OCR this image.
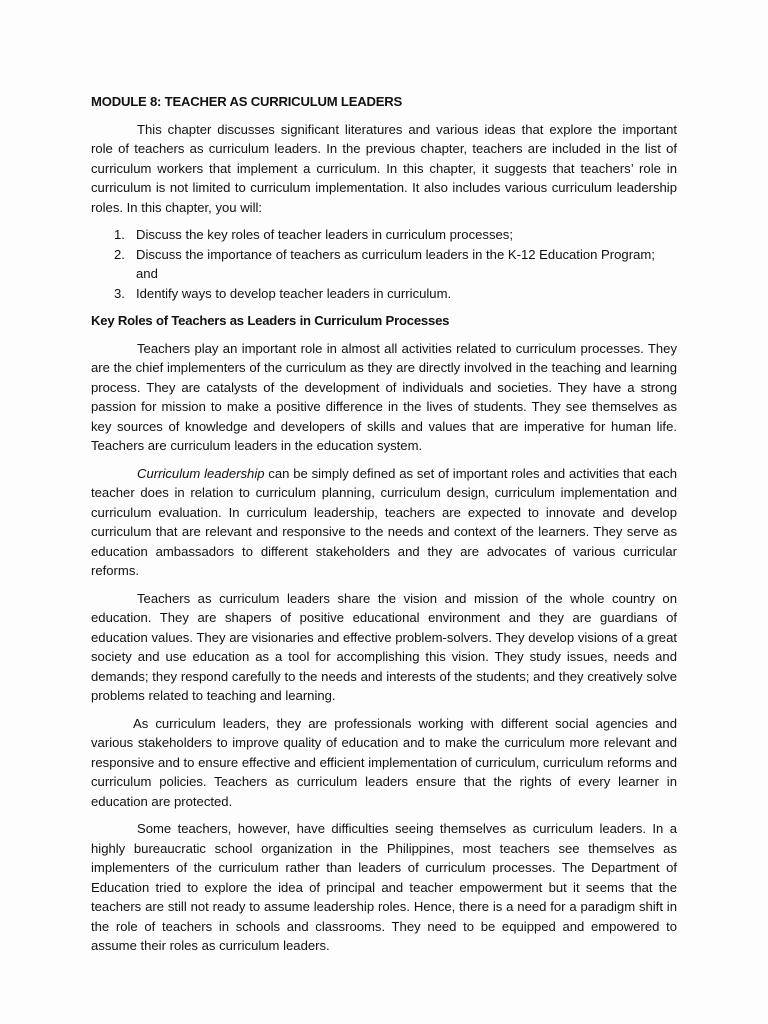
MODULE 8: TEACHER AS CURRICULUM LEADERS

This chapter discusses significant literatures and various ideas that explore the important role of teachers as curriculum leaders. In the previous chapter, teachers are included in the list of curriculum workers that implement a curriculum. In this chapter, it suggests that teachers’ role in curriculum is not limited to curriculum implementation. It also includes various curriculum leadership roles. In this chapter, you will:

1. Discuss the key roles of teacher leaders in curriculum processes;
2. Discuss the importance of teachers as curriculum leaders in the K-12 Education Program; and
3. Identify ways to develop teacher leaders in curriculum.
Key Roles of Teachers as Leaders in Curriculum Processes

Teachers play an important role in almost all activities related to curriculum processes. They are the chief implementers of the curriculum as they are directly involved in the teaching and learning process. They are catalysts of the development of individuals and societies. They have a strong passion for mission to make a positive difference in the lives of students. They see themselves as key sources of knowledge and developers of skills and values that are imperative for human life. Teachers are curriculum leaders in the education system.

Curriculum leadership can be simply defined as set of important roles and activities that each teacher does in relation to curriculum planning, curriculum design, curriculum implementation and curriculum evaluation. In curriculum leadership, teachers are expected to innovate and develop curriculum that are relevant and responsive to the needs and context of the learners. They serve as education ambassadors to different stakeholders and they are advocates of various curricular reforms.

Teachers as curriculum leaders share the vision and mission of the whole country on education. They are shapers of positive educational environment and they are guardians of education values. They are visionaries and effective problem-solvers. They develop visions of a great society and use education as a tool for accomplishing this vision. They study issues, needs and demands; they respond carefully to the needs and interests of the students; and they creatively solve problems related to teaching and learning.

As curriculum leaders, they are professionals working with different social agencies and various stakeholders to improve quality of education and to make the curriculum more relevant and responsive and to ensure effective and efficient implementation of curriculum, curriculum reforms and curriculum policies. Teachers as curriculum leaders ensure that the rights of every learner in education are protected.

Some teachers, however, have difficulties seeing themselves as curriculum leaders. In a highly bureaucratic school organization in the Philippines, most teachers see themselves as implementers of the curriculum rather than leaders of curriculum processes. The Department of Education tried to explore the idea of principal and teacher empowerment but it seems that the teachers are still not ready to assume leadership roles. Hence, there is a need for a paradigm shift in the role of teachers in schools and classrooms. They need to be equipped and empowered to assume their roles as curriculum leaders.
